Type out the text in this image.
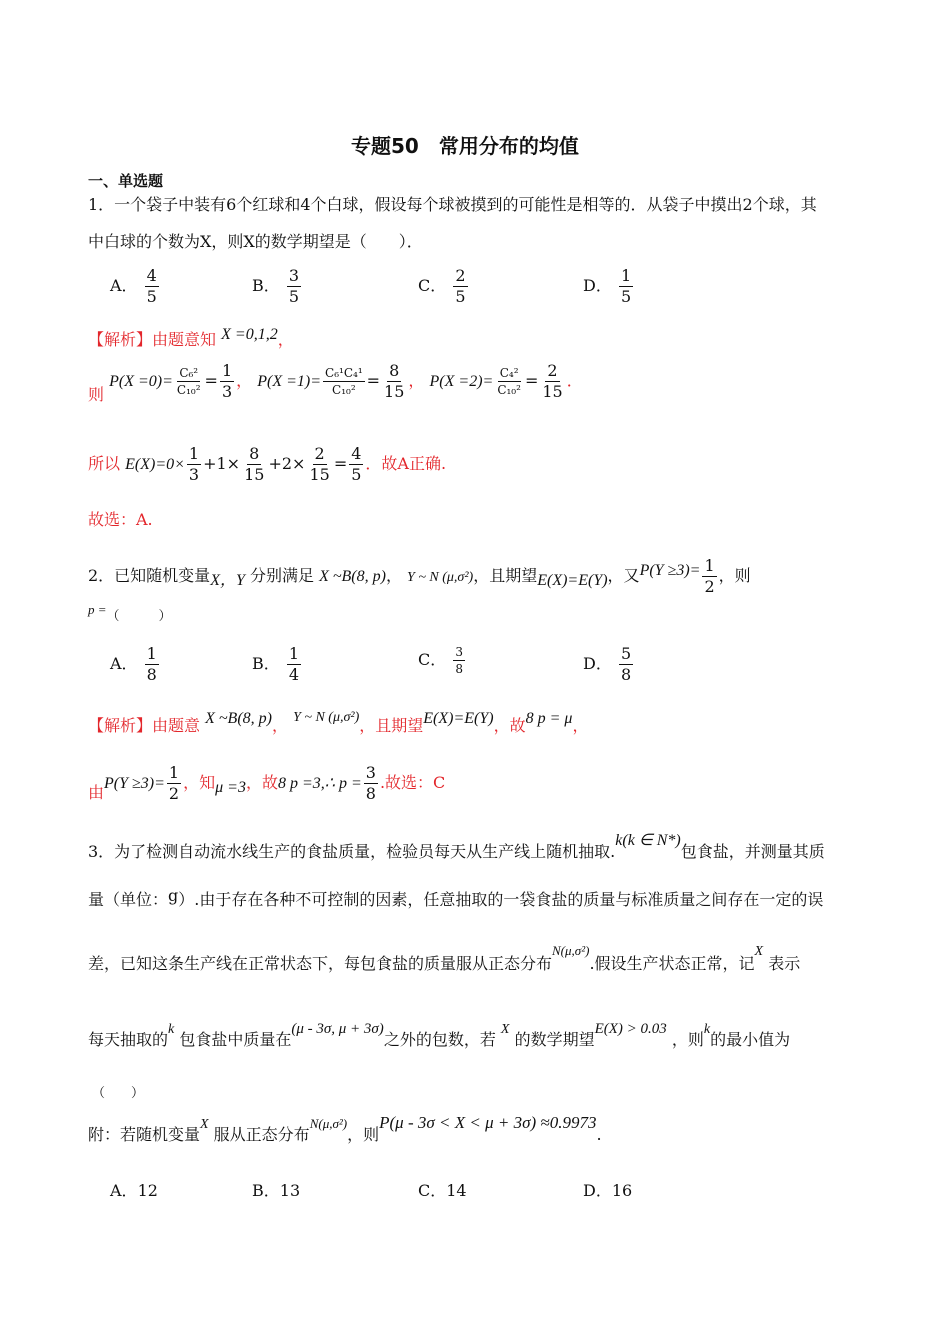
专题50　常用分布的均值
一、单选题
1．一个袋子中装有6个红球和4个白球，假设每个球被摸到的可能性是相等的．从袋子中摸出2个球，其
中白球的个数为X，则X的数学期望是（　　）．
A． $\frac{4}{5}$	B． $\frac{3}{5}$	C． $\frac{2}{5}$	D． $\frac{1}{5}$
【解析】由题意知 X =0,1,2，
则 $P(X =0)= \frac{\text{C₆²}}{\text{C₁₀²}} = \frac{1}{3}$ ， $P(X =1)= \frac{\text{C₆¹C₄¹}}{\text{C₁₀²}} = \frac{8}{15}$ ， $P(X =2)= \frac{\text{C₄²}}{\text{C₁₀²}} = \frac{2}{15}$ ．
所以 $E(X)=0\times \frac{1}{3} +1\times \frac{8}{15} +2\times \frac{2}{15} = \frac{4}{5}$ ．故A正确.
故选：A.
2．已知随机变量X，Y 分别满足 X ~B(8, p)， Y ~ N (μ,σ²)，且期望E(X)=E(Y)，又$P(Y \ge 3)= \frac{1}{2}$ ，则
$^{p =}$（　　　）
A． $\frac{1}{8}$	B． $\frac{1}{4}$	C． $\frac{3}{8}$	D． $\frac{5}{8}$
【解析】由题意 X ~B(8, p)， Y ~ N (μ,σ²)，且期望E(X)=E(Y)，故8 p = μ，
由$P(Y \ge 3)= \frac{1}{2}$ ，知μ =3，故8 p =3,∴ $p = \frac{3}{8}$ .故选：C
3．为了检测自动流水线生产的食盐质量，检验员每天从生产线上随机抽取.k(k ∈ N*)包食盐，并测量其质
量（单位：g）.由于存在各种不可控制的因素，任意抽取的一袋食盐的质量与标准质量之间存在一定的误
差，已知这条生产线在正常状态下，每包食盐的质量服从正态分布N(μ,σ²).假设生产状态正常，记X 表示
每天抽取的k 包食盐中质量在(μ - 3σ, μ + 3σ)之外的包数，若 X 的数学期望E(X) > 0.03 ，则k的最小值为
（　　）
附：若随机变量X 服从正态分布N(μ,σ²)，则P(μ - 3σ < X < μ + 3σ) ≈0.9973.
A．12	B．13	C．14	D．16
